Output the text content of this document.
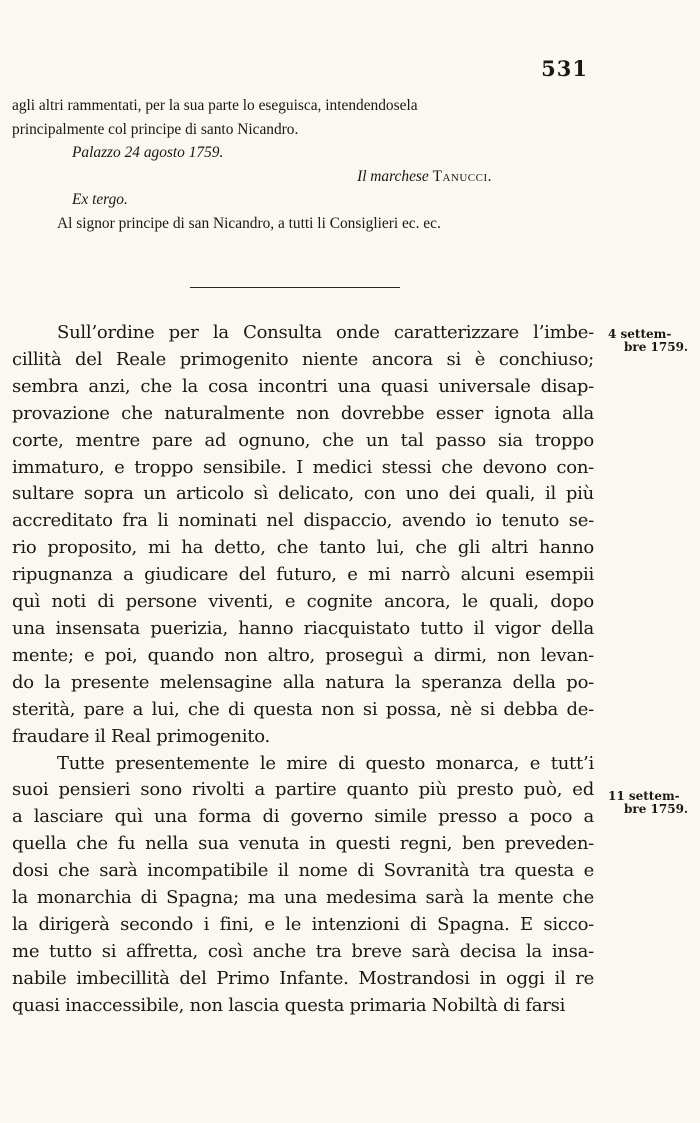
531
agli altri rammentati, per la sua parte lo eseguisca, intendendosela
principalmente col principe di santo Nicandro.
Palazzo 24 agosto 1759.
Il marchese Tanucci.
Ex tergo.
Al signor principe di san Nicandro, a tutti li Consiglieri ec. ec.
Sull’ordine per la Consulta onde caratterizzare l’imbe-
cillità del Reale primogenito niente ancora si è conchiuso;
sembra anzi, che la cosa incontri una quasi universale disap-
provazione che naturalmente non dovrebbe esser ignota alla
corte, mentre pare ad ognuno, che un tal passo sia troppo
immaturo, e troppo sensibile. I medici stessi che devono con-
sultare sopra un articolo sì delicato, con uno dei quali, il più
accreditato fra li nominati nel dispaccio, avendo io tenuto se-
rio proposito, mi ha detto, che tanto lui, che gli altri hanno
ripugnanza a giudicare del futuro, e mi narrò alcuni esempii
quì noti di persone viventi, e cognite ancora, le quali, dopo
una insensata puerizia, hanno riacquistato tutto il vigor della
mente; e poi, quando non altro, proseguì a dirmi, non levan-
do la presente melensagine alla natura la speranza della po-
sterità, pare a lui, che di questa non si possa, nè si debba de-
fraudare il Real primogenito.
Tutte presentemente le mire di questo monarca, e tutt’i
suoi pensieri sono rivolti a partire quanto più presto può, ed
a lasciare quì una forma di governo simile presso a poco a
quella che fu nella sua venuta in questi regni, ben preveden-
dosi che sarà incompatibile il nome di Sovranità tra questa e
la monarchia di Spagna; ma una medesima sarà la mente che
la dirigerà secondo i fini, e le intenzioni di Spagna. E sicco-
me tutto si affretta, così anche tra breve sarà decisa la insa-
nabile imbecillità del Primo Infante. Mostrandosi in oggi il re
quasi inaccessibile, non lascia questa primaria Nobiltà di farsi
4 settem-
bre 1759.
11 settem-
bre 1759.
